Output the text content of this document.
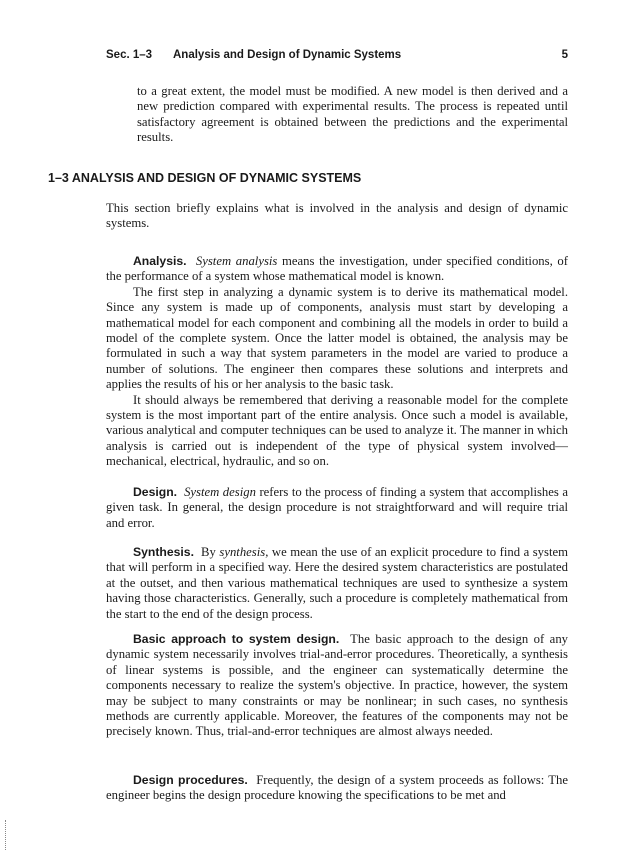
Sec. 1–3 Analysis and Design of Dynamic Systems	5

to a great extent, the model must be modified. A new model is then derived and a new prediction compared with experimental results. The process is repeated until satisfactory agreement is obtained between the predictions and the experimental results.

1–3 ANALYSIS AND DESIGN OF DYNAMIC SYSTEMS

This section briefly explains what is involved in the analysis and design of dynamic systems.

Analysis. System analysis means the investigation, under specified conditions, of the performance of a system whose mathematical model is known.

The first step in analyzing a dynamic system is to derive its mathematical model. Since any system is made up of components, analysis must start by developing a mathematical model for each component and combining all the models in order to build a model of the complete system. Once the latter model is obtained, the analysis may be formulated in such a way that system parameters in the model are varied to produce a number of solutions. The engineer then compares these solutions and interprets and applies the results of his or her analysis to the basic task.

It should always be remembered that deriving a reasonable model for the complete system is the most important part of the entire analysis. Once such a model is available, various analytical and computer techniques can be used to analyze it. The manner in which analysis is carried out is independent of the type of physical system involved—mechanical, electrical, hydraulic, and so on.

Design. System design refers to the process of finding a system that accomplishes a given task. In general, the design procedure is not straightforward and will require trial and error.

Synthesis. By synthesis, we mean the use of an explicit procedure to find a system that will perform in a specified way. Here the desired system characteristics are postulated at the outset, and then various mathematical techniques are used to synthesize a system having those characteristics. Generally, such a procedure is completely mathematical from the start to the end of the design process.

Basic approach to system design. The basic approach to the design of any dynamic system necessarily involves trial-and-error procedures. Theoretically, a synthesis of linear systems is possible, and the engineer can systematically determine the components necessary to realize the system's objective. In practice, however, the system may be subject to many constraints or may be nonlinear; in such cases, no synthesis methods are currently applicable. Moreover, the features of the components may not be precisely known. Thus, trial-and-error techniques are almost always needed.

Design procedures. Frequently, the design of a system proceeds as follows: The engineer begins the design procedure knowing the specifications to be met and
